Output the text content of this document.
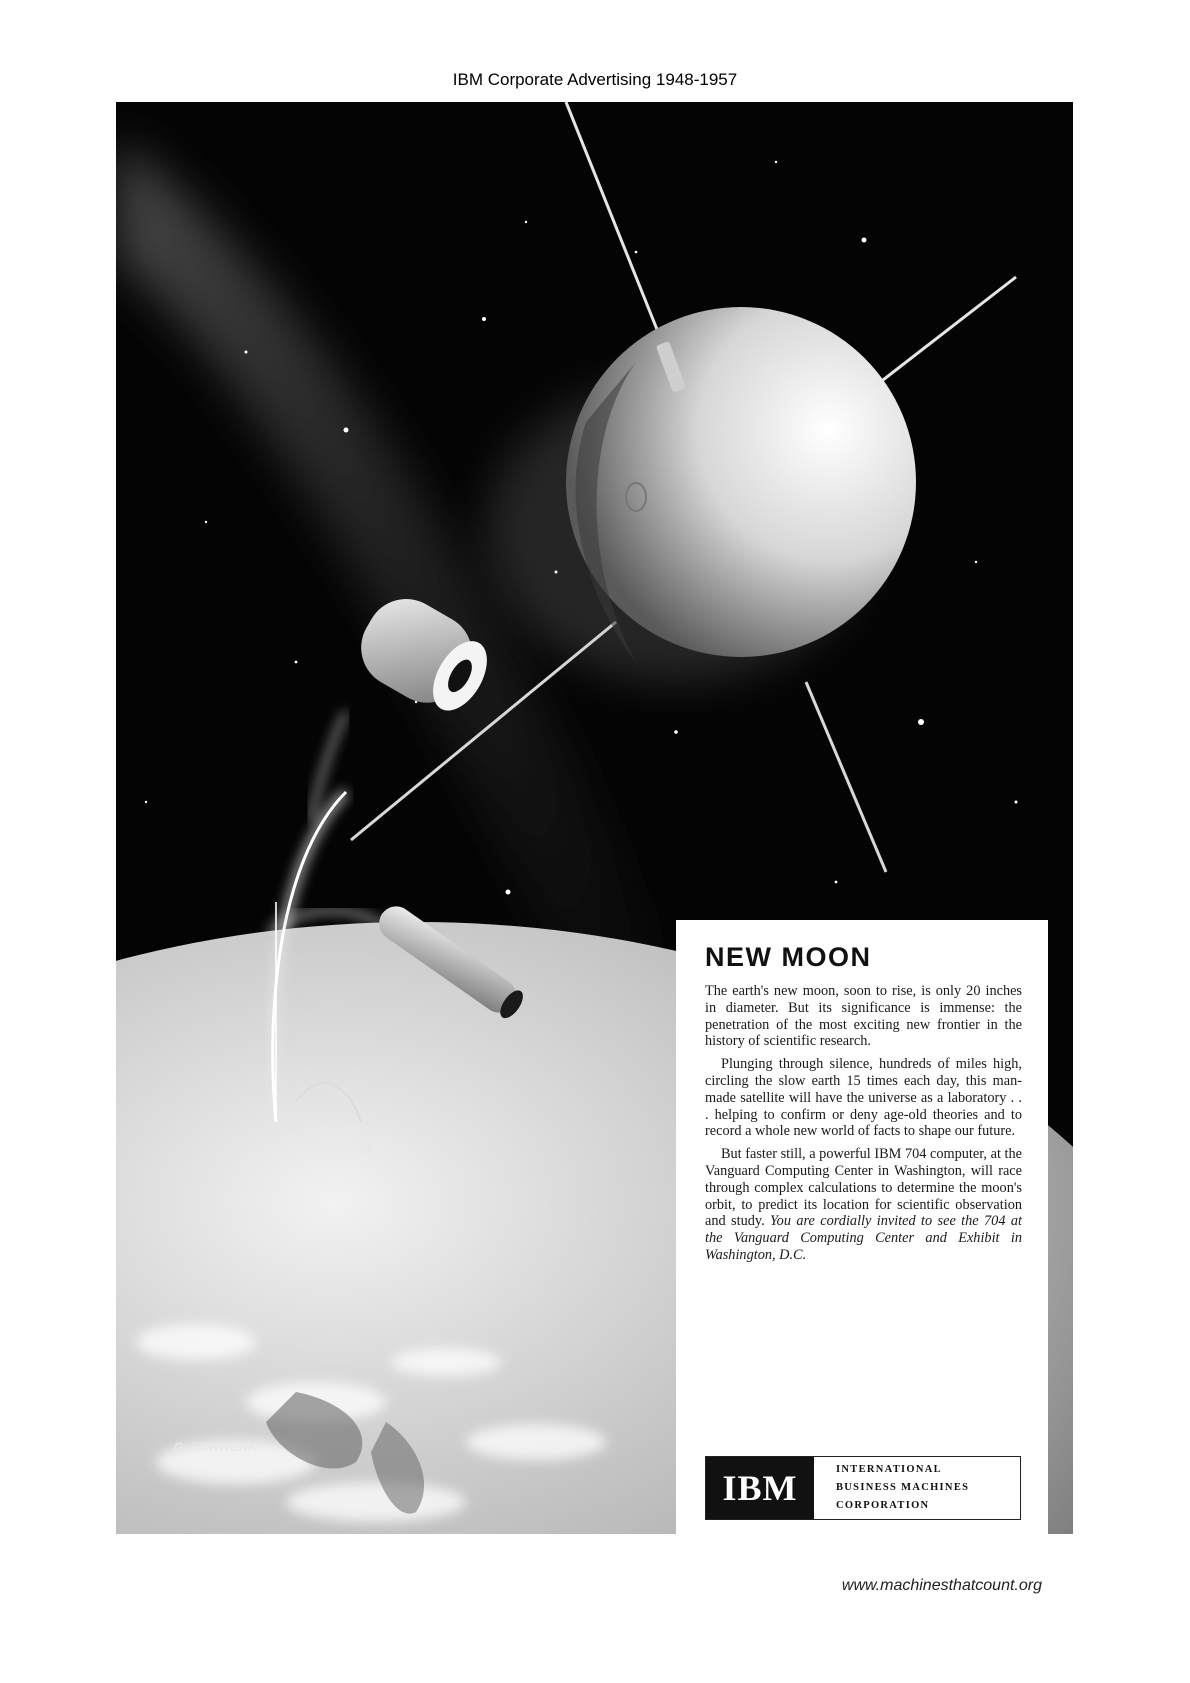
IBM Corporate Advertising 1948-1957
G. SCHWENK
NEW MOON

The earth's new moon, soon to rise, is only 20 inches in diameter. But its significance is immense: the penetration of the most exciting new frontier in the history of scientific research.

Plunging through silence, hundreds of miles high, circling the slow earth 15 times each day, this man-made satellite will have the universe as a laboratory . . . helping to confirm or deny age-old theories and to record a whole new world of facts to shape our future.

But faster still, a powerful IBM 704 computer, at the Vanguard Computing Center in Washington, will race through complex calculations to determine the moon's orbit, to predict its location for scientific observation and study. You are cordially invited to see the 704 at the Vanguard Computing Center and Exhibit in Washington, D.C.

IBM	INTERNATIONAL
BUSINESS MACHINES
CORPORATION
www.machinesthatcount.org
